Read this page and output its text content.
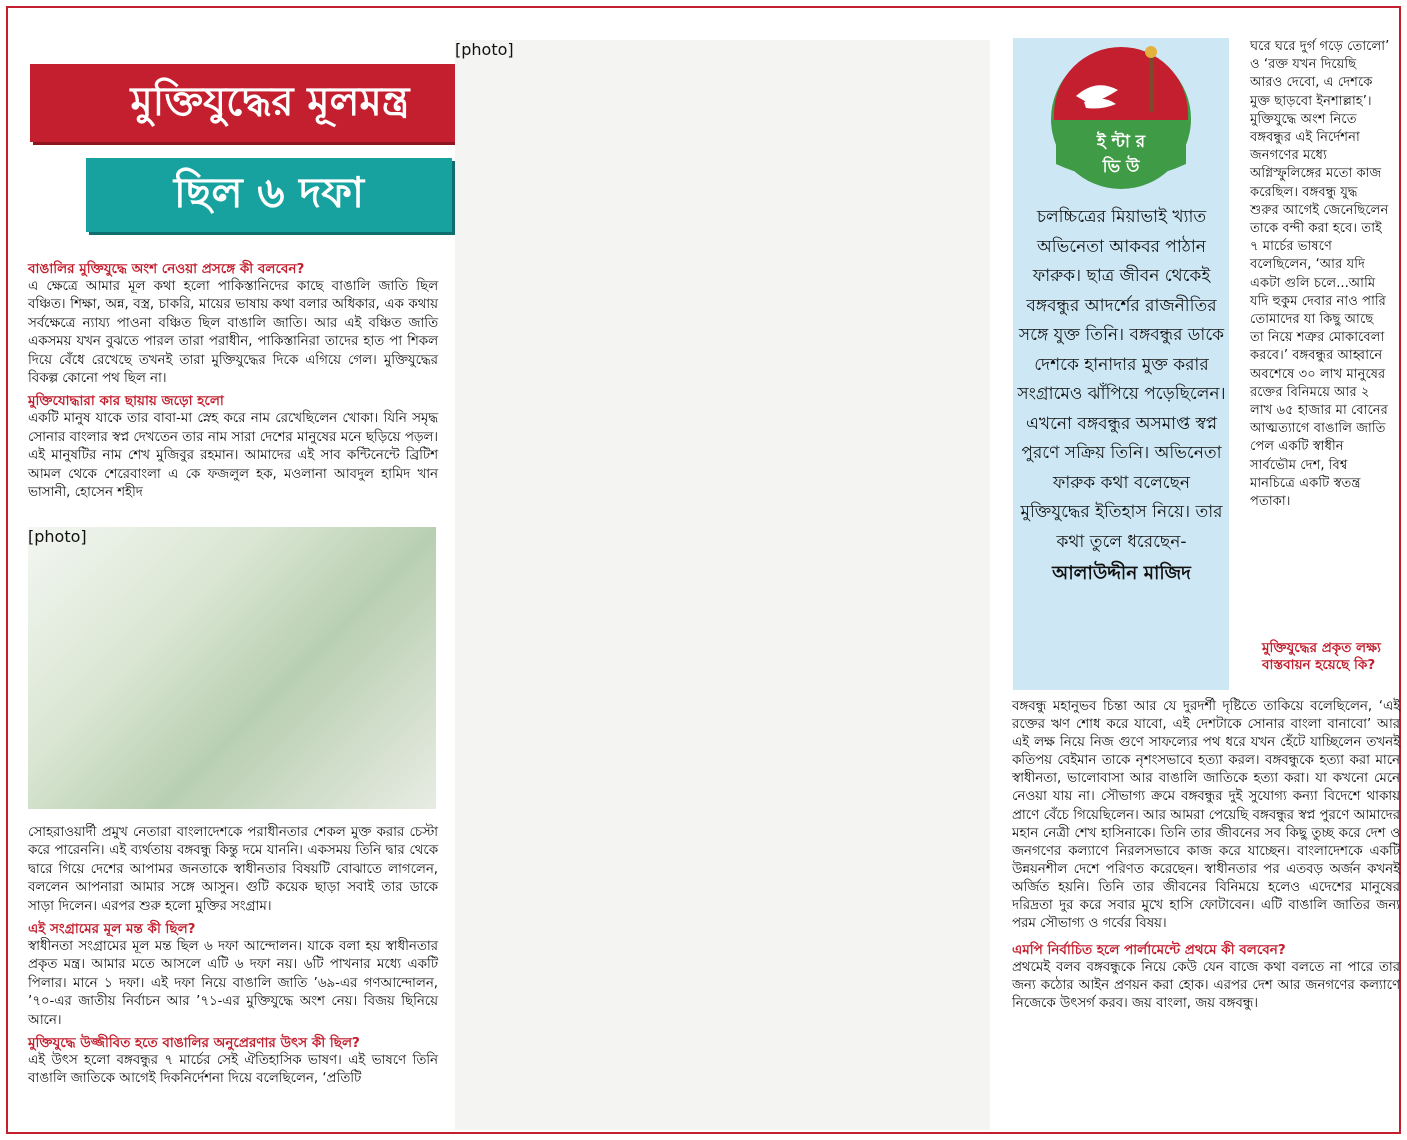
মুক্তিযুদ্ধের মূলমন্ত্র
ছিল ৬ দফা

বাঙালির মুক্তিযুদ্ধে অংশ নেওয়া প্রসঙ্গে কী বলবেন?

এ ক্ষেত্রে আমার মূল কথা হলো পাকিস্তানিদের কাছে বাঙালি জাতি ছিল বঞ্চিত। শিক্ষা, অন্ন, বস্ত্র, চাকরি, মায়ের ভাষায় কথা বলার অধিকার, এক কথায় সর্বক্ষেত্রে ন্যায্য পাওনা বঞ্চিত ছিল বাঙালি জাতি। আর এই বঞ্চিত জাতি একসময় যখন বুঝতে পারল তারা পরাধীন, পাকিস্তানিরা তাদের হাত পা শিকল দিয়ে বেঁধে রেখেছে তখনই তারা মুক্তিযুদ্ধের দিকে এগিয়ে গেল। মুক্তিযুদ্ধের বিকল্প কোনো পথ ছিল না।

মুক্তিযোদ্ধারা কার ছায়ায় জড়ো হলো

একটি মানুষ যাকে তার বাবা-মা স্নেহ করে নাম রেখেছিলেন খোকা। যিনি সমৃদ্ধ সোনার বাংলার স্বপ্ন দেখতেন তার নাম সারা দেশের মানুষের মনে ছড়িয়ে পড়ল। এই মানুষটির নাম শেখ মুজিবুর রহমান। আমাদের এই সাব কন্টিনেন্টে ব্রিটিশ আমল থেকে শেরেবাংলা এ কে ফজলুল হক, মওলানা আবদুল হামিদ খান ভাসানী, হোসেন শহীদ

[photo]

সোহরাওয়ার্দী প্রমুখ নেতারা বাংলাদেশকে পরাধীনতার শেকল মুক্ত করার চেস্টা করে পারেননি। এই ব্যর্থতায় বঙ্গবন্ধু কিন্তু দমে যাননি। একসময় তিনি দ্বার থেকে দ্বারে গিয়ে দেশের আপামর জনতাকে স্বাধীনতার বিষয়টি বোঝাতে লাগলেন, বললেন আপনারা আমার সঙ্গে আসুন। গুটি কয়েক ছাড়া সবাই তার ডাকে সাড়া দিলেন। এরপর শুরু হলো মুক্তির সংগ্রাম।

এই সংগ্রামের মূল মন্ত কী ছিল?

স্বাধীনতা সংগ্রামের মূল মন্ত ছিল ৬ দফা আন্দোলন। যাকে বলা হয় স্বাধীনতার প্রকৃত মন্ত্র। আমার মতে আসলে এটি ৬ দফা নয়। ৬টি পাখনার মধ্যে একটি পিলার। মানে ১ দফা। এই দফা নিয়ে বাঙালি জাতি ’৬৯-এর গণআন্দোলন, ’৭০-এর জাতীয় নির্বাচন আর ’৭১-এর মুক্তিযুদ্ধে অংশ নেয়। বিজয় ছিনিয়ে আনে।

মুক্তিযুদ্ধে উজ্জীবিত হতে বাঙালির অনুপ্রেরণার উৎস কী ছিল?

এই উৎস হলো বঙ্গবন্ধুর ৭ মার্চের সেই ঐতিহাসিক ভাষণ। এই ভাষণে তিনি বাঙালি জাতিকে আগেই দিকনির্দেশনা দিয়ে বলেছিলেন, ‘প্রতিটি

[photo]
ই ন্টা র
ভি উ
চলচ্চিত্রের মিয়াভাই খ্যাত অভিনেতা আকবর পাঠান ফারুক। ছাত্র জীবন থেকেই বঙ্গবন্ধুর আদর্শের রাজনীতির সঙ্গে যুক্ত তিনি। বঙ্গবন্ধুর ডাকে দেশকে হানাদার মুক্ত করার সংগ্রামেও ঝাঁপিয়ে পড়েছিলেন। এখনো বঙ্গবন্ধুর অসমাপ্ত স্বপ্ন পুরণে সক্রিয় তিনি। অভিনেতা ফারুক কথা বলেছেন মুক্তিযুদ্ধের ইতিহাস নিয়ে। তার কথা তুলে ধরেছেন-
আলাউদ্দীন মাজিদ
ঘরে ঘরে দুর্গ গড়ে তোলো’ ও ‘রক্ত যখন দিয়েছি আরও দেবো, এ দেশকে মুক্ত ছাড়বো ইনশাল্লাহ’। মুক্তিযুদ্ধে অংশ নিতে বঙ্গবন্ধুর এই নির্দেশনা জনগণের মধ্যে অগ্নিস্ফুলিঙ্গের মতো কাজ করেছিল। বঙ্গবন্ধু যুদ্ধ শুরুর আগেই জেনেছিলেন তাকে বন্দী করা হবে। তাই ৭ মার্চের ভাষণে বলেছিলেন, ‘আর যদি একটা গুলি চলে...আমি যদি হুকুম দেবার নাও পারি তোমাদের যা কিছু আছে তা নিয়ে শত্রুর মোকাবেলা করবে।’ বঙ্গবন্ধুর আহ্বানে অবশেষে ৩০ লাখ মানুষের রক্তের বিনিময়ে আর ২ লাখ ৬৫ হাজার মা বোনের আত্মত্যাগে বাঙালি জাতি পেল একটি স্বাধীন সার্বভৌম দেশ, বিশ্ব মানচিত্রে একটি স্বতন্ত্র পতাকা।
মুক্তিযুদ্ধের প্রকৃত লক্ষ্য বাস্তবায়ন হয়েছে কি?

বঙ্গবন্ধু মহানুভব চিন্তা আর যে দুরদর্শী দৃষ্টিতে তাকিয়ে বলেছিলেন, ‘এই রক্তের ঋণ শোধ করে যাবো, এই দেশটাকে সোনার বাংলা বানাবো’ আর এই লক্ষ নিয়ে নিজ গুণে সাফল্যের পথ ধরে যখন হেঁটে যাচ্ছিলেন তখনই কতিপয় বেইমান তাকে নৃশংসভাবে হত্যা করল। বঙ্গবন্ধুকে হত্যা করা মানে স্বাধীনতা, ভালোবাসা আর বাঙালি জাতিকে হত্যা করা। যা কখনো মেনে নেওয়া যায় না। সৌভাগ্য ক্রমে বঙ্গবন্ধুর দুই সুযোগ্য কন্যা বিদেশে থাকায় প্রাণে বেঁচে গিয়েছিলেন। আর আমরা পেয়েছি বঙ্গবন্ধুর স্বপ্ন পুরণে আমাদের মহান নেত্রী শেখ হাসিনাকে। তিনি তার জীবনের সব কিছু তুচ্ছ করে দেশ ও জনগণের কল্যাণে নিরলসভাবে কাজ করে যাচ্ছেন। বাংলাদেশকে একটি উন্নয়নশীল দেশে পরিণত করেছেন। স্বাধীনতার পর এতবড় অর্জন কখনই অর্জিত হয়নি। তিনি তার জীবনের বিনিময়ে হলেও এদেশের মানুষের দরিদ্রতা দুর করে সবার মুখে হাসি ফোটাবেন। এটি বাঙালি জাতির জন্য পরম সৌভাগ্য ও গর্বের বিষয়।

এমপি নির্বাচিত হলে পার্লামেন্টে প্রথমে কী বলবেন?

প্রথমেই বলব বঙ্গবন্ধুকে নিয়ে কেউ যেন বাজে কথা বলতে না পারে তার জন্য কঠোর আইন প্রণয়ন করা হোক। এরপর দেশ আর জনগণের কল্যাণে নিজেকে উৎসর্গ করব। জয় বাংলা, জয় বঙ্গবন্ধু।
